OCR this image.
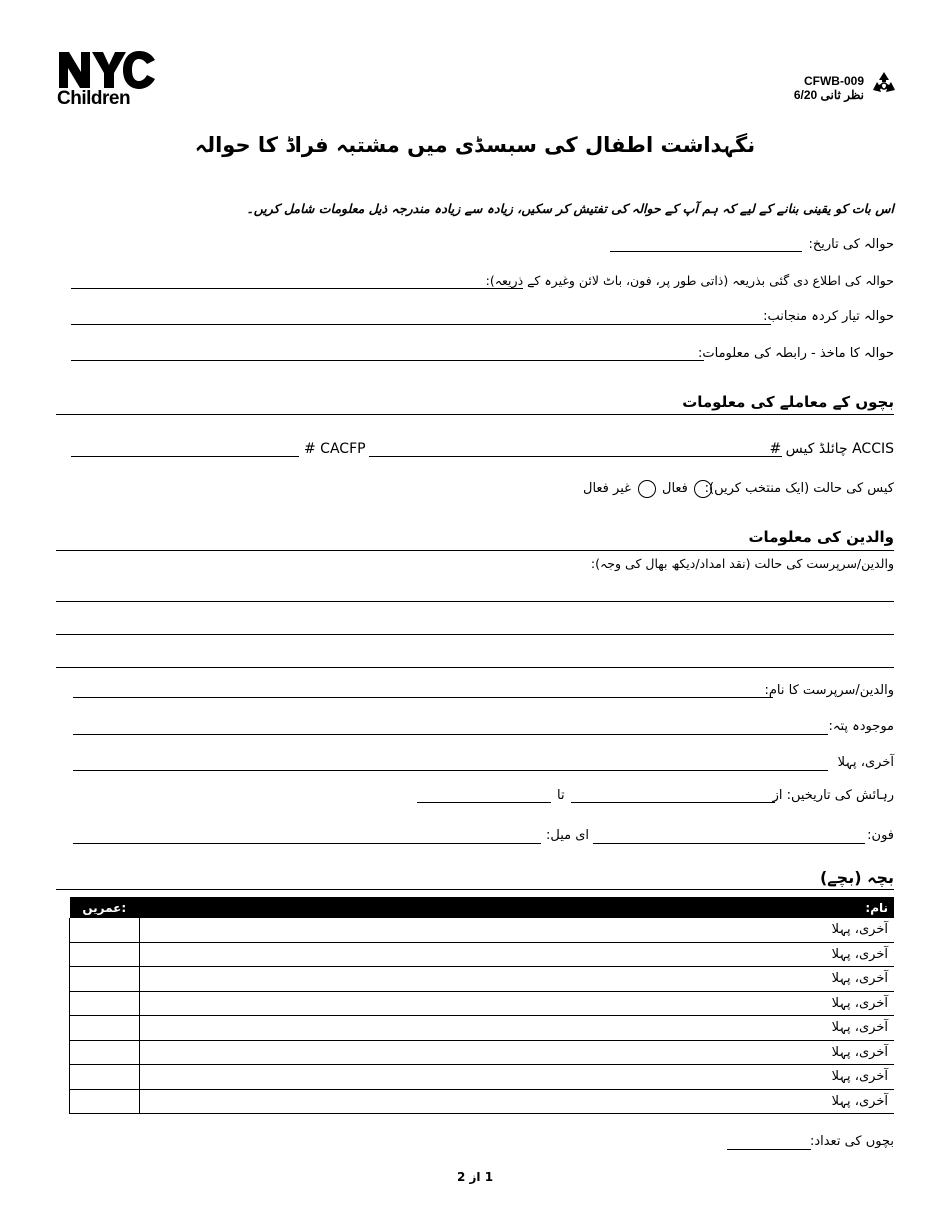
Children
CFWB-009
نظر ثانی 6/20
نگہداشت اطفال کی سبسڈی میں مشتبہ فراڈ کا حوالہ
اس بات کو یقینی بنانے کے لیے کہ ہم آپ کے حوالہ کی تفتیش کر سکیں، زیادہ سے زیادہ مندرجہ ذیل معلومات شامل کریں۔
حوالہ کی تاریخ:
حوالہ کی اطلاع دی گئی بذریعہ (ذاتی طور پر، فون، باٹ لائن وغیرہ کے ذریعہ):
حوالہ تیار کردہ منجانب:
حوالہ کا ماخذ - رابطہ کی معلومات:
بچوں کے معاملے کی معلومات
ACCIS چائلڈ کیس #
# CACFP
کیس کی حالت (ایک منتخب کریں):
فعال
غیر فعال
والدین کی معلومات
والدین/سرپرست کی حالت (نقد امداد/دیکھ بھال کی وجہ):
والدین/سرپرست کا نام:
موجودہ پتہ:
آخری، پہلا
رہائش کی تاریخیں: از
تا
فون:
ای میل:
بچہ (بچے)
عمریں:	نام:
	آخری، پہلا
	آخری، پہلا
	آخری، پہلا
	آخری، پہلا
	آخری، پہلا
	آخری، پہلا
	آخری، پہلا
	آخری، پہلا
بچوں کی تعداد:
1 از 2
